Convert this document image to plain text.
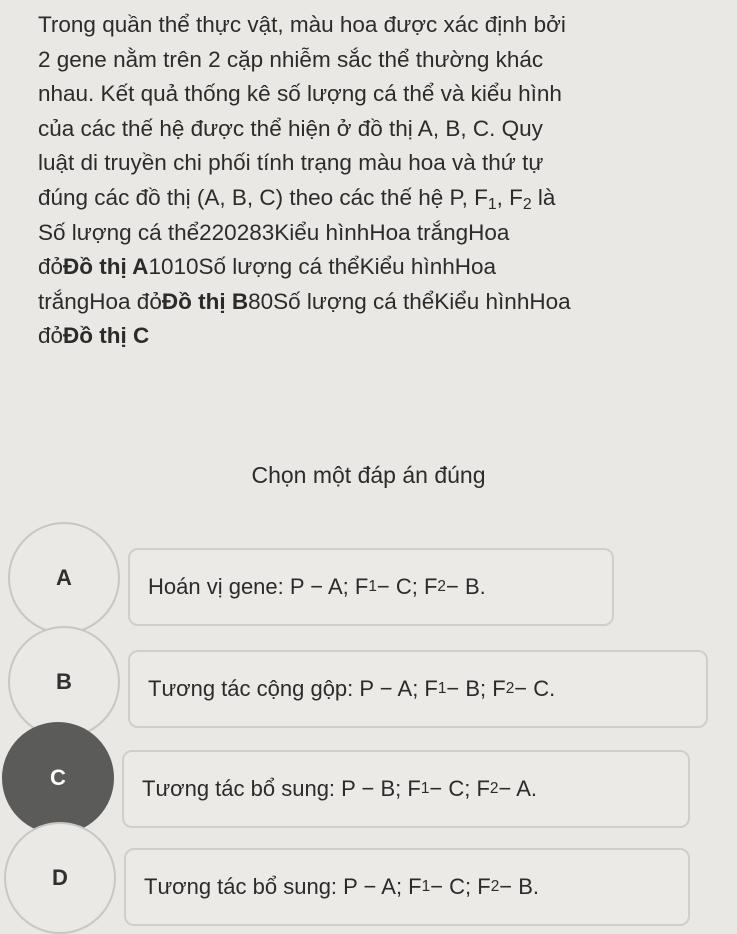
Trong quần thể thực vật, màu hoa được xác định bởi
2 gene nằm trên 2 cặp nhiễm sắc thể thường khác
nhau. Kết quả thống kê số lượng cá thể và kiểu hình
của các thế hệ được thể hiện ở đồ thị A, B, C. Quy
luật di truyền chi phối tính trạng màu hoa và thứ tự
đúng các đồ thị (A, B, C) theo các thế hệ P, $F_1$, $F_2$ là
Số lượng cá thể220283Kiểu hìnhHoa trắngHoa
đỏĐồ thị A1010Số lượng cá thểKiểu hìnhHoa
trắngHoa đỏĐồ thị B80Số lượng cá thểKiểu hìnhHoa
đỏĐồ thị C
Chọn một đáp án đúng
A	Hoán vị gene: P − A; F 1 − C; F 2 − B.
B	Tương tác cộng gộp: P − A; F 1 − B; F 2 − C.
C	Tương tác bổ sung: P − B; F 1 − C; F 2 − A.
D	Tương tác bổ sung: P − A; F 1 − C; F 2 − B.
